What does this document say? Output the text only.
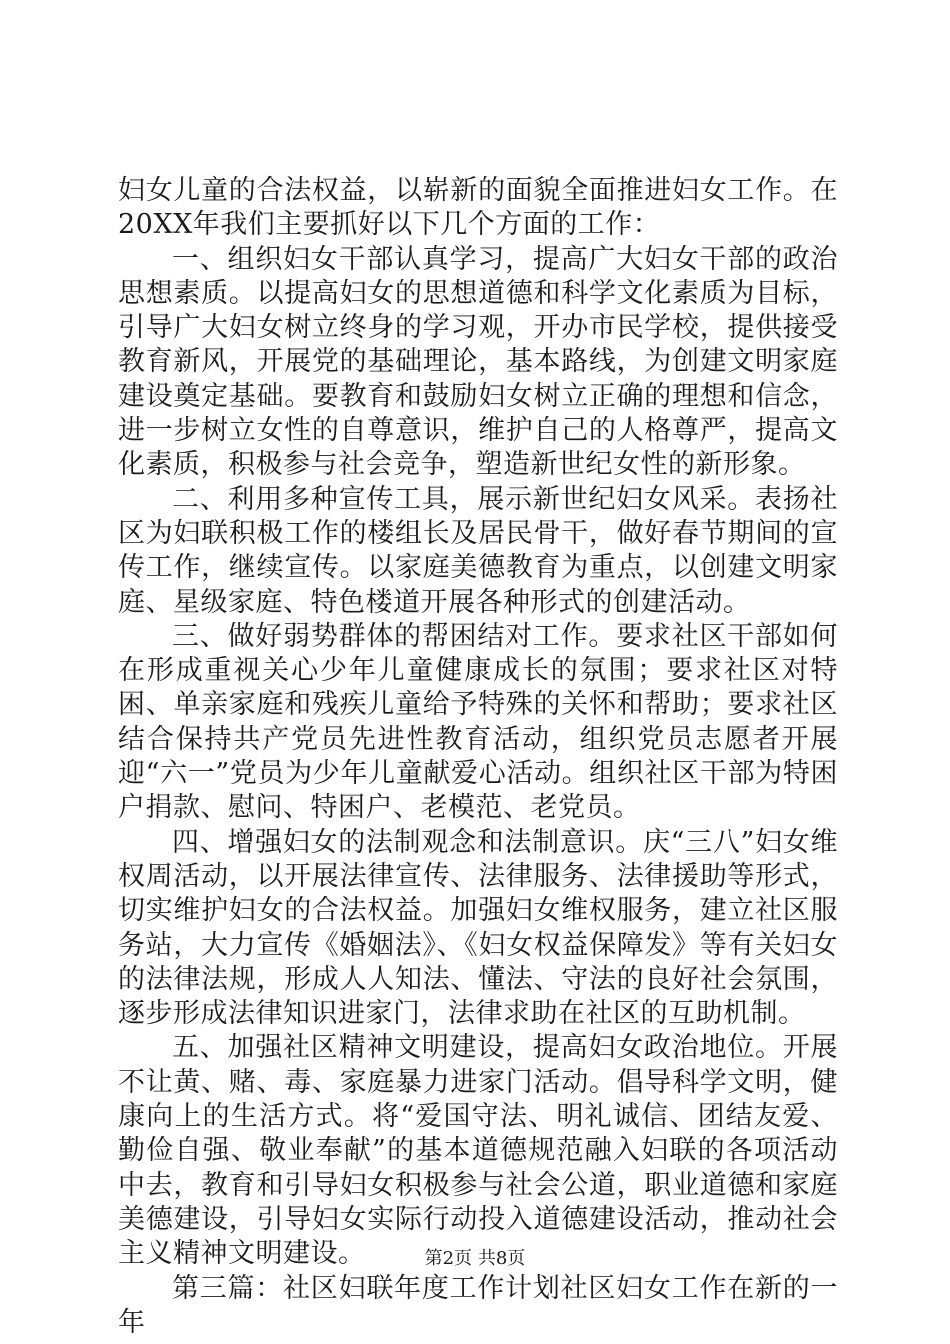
妇女儿童的合法权益，以崭新的面貌全面推进妇女工作。在20XX年我们主要抓好以下几个方面的工作：

一、组织妇女干部认真学习，提高广大妇女干部的政治思想素质。以提高妇女的思想道德和科学文化素质为目标，引导广大妇女树立终身的学习观，开办市民学校，提供接受教育新风，开展党的基础理论，基本路线，为创建文明家庭建设奠定基础。要教育和鼓励妇女树立正确的理想和信念，进一步树立女性的自尊意识，维护自己的人格尊严，提高文化素质，积极参与社会竞争，塑造新世纪女性的新形象。

二、利用多种宣传工具，展示新世纪妇女风采。表扬社区为妇联积极工作的楼组长及居民骨干，做好春节期间的宣传工作，继续宣传。以家庭美德教育为重点，以创建文明家庭、星级家庭、特色楼道开展各种形式的创建活动。

三、做好弱势群体的帮困结对工作。要求社区干部如何在形成重视关心少年儿童健康成长的氛围；要求社区对特困、单亲家庭和残疾儿童给予特殊的关怀和帮助；要求社区结合保持共产党员先进性教育活动，组织党员志愿者开展迎“六一”党员为少年儿童献爱心活动。组织社区干部为特困户捐款、慰问、特困户、老模范、老党员。

四、增强妇女的法制观念和法制意识。庆“三八”妇女维权周活动，以开展法律宣传、法律服务、法律援助等形式，切实维护妇女的合法权益。加强妇女维权服务，建立社区服务站，大力宣传《婚姻法》、《妇女权益保障发》等有关妇女的法律法规，形成人人知法、懂法、守法的良好社会氛围，逐步形成法律知识进家门，法律求助在社区的互助机制。

五、加强社区精神文明建设，提高妇女政治地位。开展不让黄、赌、毒、家庭暴力进家门活动。倡导科学文明，健康向上的生活方式。将“爱国守法、明礼诚信、团结友爱、勤俭自强、敬业奉献”的基本道德规范融入妇联的各项活动中去，教育和引导妇女积极参与社会公道，职业道德和家庭美德建设，引导妇女实际行动投入道德建设活动，推动社会主义精神文明建设。

第三篇：社区妇联年度工作计划社区妇女工作在新的一年

第2页 共8页
